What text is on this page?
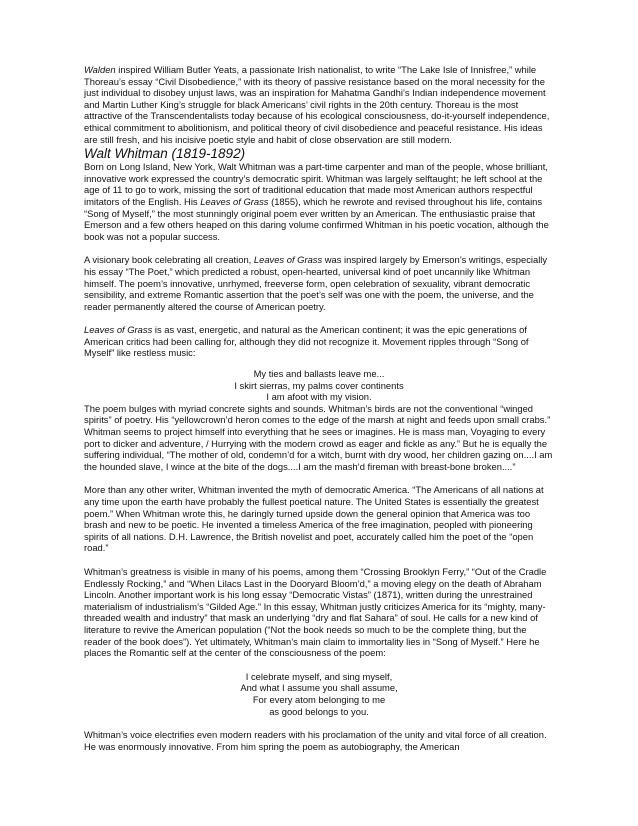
Walden inspired William Butler Yeats, a passionate Irish nationalist, to write “The Lake Isle of Innisfree,” while Thoreau’s essay “Civil Disobedience,” with its theory of passive resistance based on the moral necessity for the just individual to disobey unjust laws, was an inspiration for Mahatma Gandhi’s Indian independence movement and Martin Luther King’s struggle for black Americans’ civil rights in the 20th century. Thoreau is the most attractive of the Transcendentalists today because of his ecological consciousness, do-it-yourself independence, ethical commitment to abolitionism, and political theory of civil disobedience and peaceful resistance. His ideas are still fresh, and his incisive poetic style and habit of close observation are still modern.

Walt Whitman (1819-1892)

Born on Long Island, New York, Walt Whitman was a part-time carpenter and man of the people, whose brilliant, innovative work expressed the country’s democratic spirit. Whitman was largely selftaught; he left school at the age of 11 to go to work, missing the sort of traditional education that made most American authors respectful imitators of the English. His Leaves of Grass (1855), which he rewrote and revised throughout his life, contains “Song of Myself,” the most stunningly original poem ever written by an American. The enthusiastic praise that Emerson and a few others heaped on this daring volume confirmed Whitman in his poetic vocation, although the book was not a popular success.

A visionary book celebrating all creation, Leaves of Grass was inspired largely by Emerson’s writings, especially his essay “The Poet,” which predicted a robust, open-hearted, universal kind of poet uncannily like Whitman himself. The poem’s innovative, unrhymed, freeverse form, open celebration of sexuality, vibrant democratic sensibility, and extreme Romantic assertion that the poet’s self was one with the poem, the universe, and the reader permanently altered the course of American poetry.

Leaves of Grass is as vast, energetic, and natural as the American continent; it was the epic generations of American critics had been calling for, although they did not recognize it. Movement ripples through “Song of Myself” like restless music:

My ties and ballasts leave me...
I skirt sierras, my palms cover continents
I am afoot with my vision.

The poem bulges with myriad concrete sights and sounds. Whitman’s birds are not the conventional “winged spirits” of poetry. His “yellowcrown’d heron comes to the edge of the marsh at night and feeds upon small crabs.” Whitman seems to project himself into everything that he sees or imagines. He is mass man, Voyaging to every port to dicker and adventure, / Hurrying with the modern crowd as eager and fickle as any.” But he is equally the suffering individual, “The mother of old, condemn’d for a witch, burnt with dry wood, her children gazing on....I am the hounded slave, I wince at the bite of the dogs....I am the mash’d fireman with breast-bone broken....”

More than any other writer, Whitman invented the myth of democratic America. “The Americans of all nations at any time upon the earth have probably the fullest poetical nature. The United States is essentially the greatest poem.” When Whitman wrote this, he daringly turned upside down the general opinion that America was too brash and new to be poetic. He invented a timeless America of the free imagination, peopled with pioneering spirits of all nations. D.H. Lawrence, the British novelist and poet, accurately called him the poet of the “open road.”

Whitman’s greatness is visible in many of his poems, among them “Crossing Brooklyn Ferry,” “Out of the Cradle Endlessly Rocking,” and “When Lilacs Last in the Dooryard Bloom’d,” a moving elegy on the death of Abraham Lincoln. Another important work is his long essay “Democratic Vistas” (1871), written during the unrestrained materialism of industrialism’s “Gilded Age.” In this essay, Whitman justly criticizes America for its “mighty, many-threaded wealth and industry” that mask an underlying “dry and flat Sahara” of soul. He calls for a new kind of literature to revive the American population (“Not the book needs so much to be the complete thing, but the reader of the book does”). Yet ultimately, Whitman’s main claim to immortality lies in “Song of Myself.” Here he places the Romantic self at the center of the consciousness of the poem:

I celebrate myself, and sing myself,
And what I assume you shall assume,
For every atom belonging to me
as good belongs to you.

Whitman’s voice electrifies even modern readers with his proclamation of the unity and vital force of all creation. He was enormously innovative. From him spring the poem as autobiography, the American
